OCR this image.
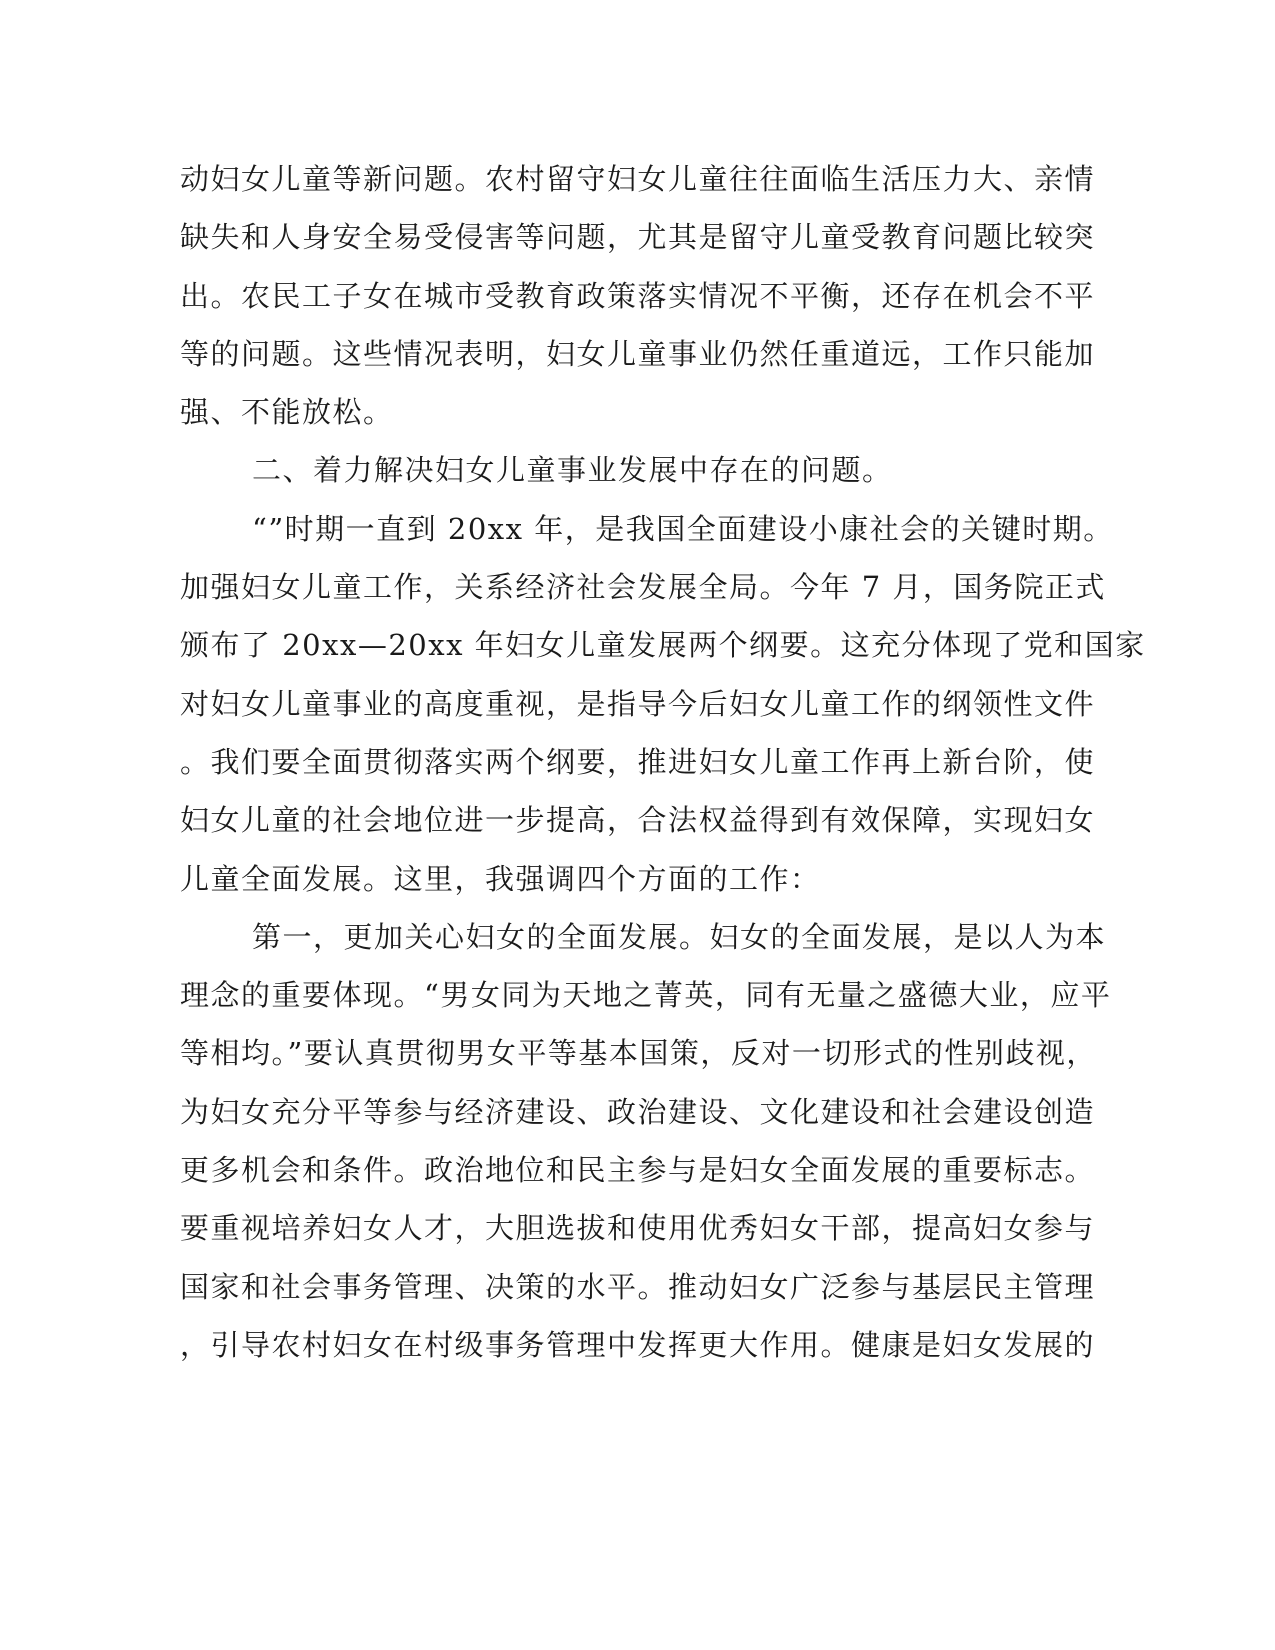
动妇女儿童等新问题。农村留守妇女儿童往往面临生活压力大、亲情
缺失和人身安全易受侵害等问题，尤其是留守儿童受教育问题比较突
出。农民工子女在城市受教育政策落实情况不平衡，还存在机会不平
等的问题。这些情况表明，妇女儿童事业仍然任重道远，工作只能加
强、不能放松。
二、着力解决妇女儿童事业发展中存在的问题。
“”时期一直到 20xx 年，是我国全面建设小康社会的关键时期。
加强妇女儿童工作，关系经济社会发展全局。今年 7 月，国务院正式
颁布了 20xx—20xx 年妇女儿童发展两个纲要。这充分体现了党和国家
对妇女儿童事业的高度重视，是指导今后妇女儿童工作的纲领性文件
。我们要全面贯彻落实两个纲要，推进妇女儿童工作再上新台阶，使
妇女儿童的社会地位进一步提高，合法权益得到有效保障，实现妇女
儿童全面发展。这里，我强调四个方面的工作：
第一，更加关心妇女的全面发展。妇女的全面发展，是以人为本
理念的重要体现。“男女同为天地之菁英，同有无量之盛德大业，应平
等相均。”要认真贯彻男女平等基本国策，反对一切形式的性别歧视，
为妇女充分平等参与经济建设、政治建设、文化建设和社会建设创造
更多机会和条件。政治地位和民主参与是妇女全面发展的重要标志。
要重视培养妇女人才，大胆选拔和使用优秀妇女干部，提高妇女参与
国家和社会事务管理、决策的水平。推动妇女广泛参与基层民主管理
，引导农村妇女在村级事务管理中发挥更大作用。健康是妇女发展的
